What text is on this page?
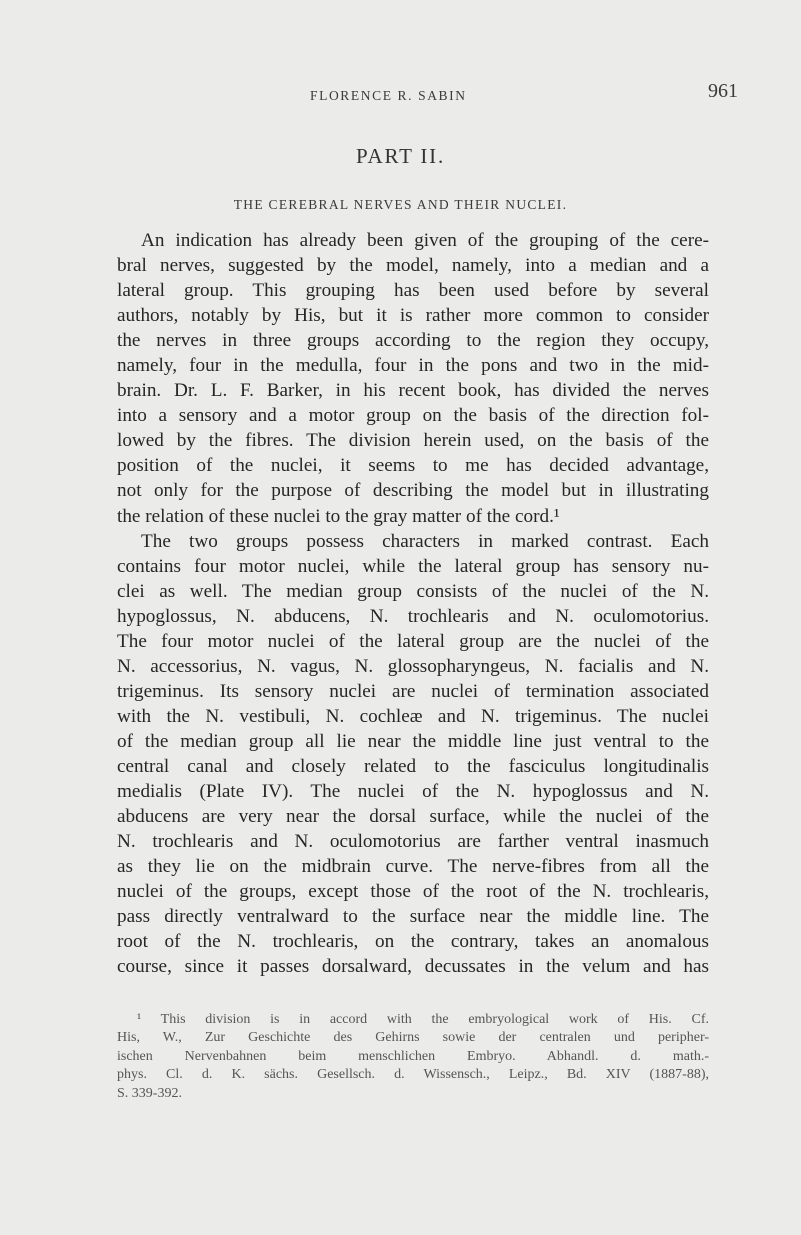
FLORENCE R. SABIN	961
PART II.
THE CEREBRAL NERVES AND THEIR NUCLEI.
An indication has already been given of the grouping of the cere-
bral nerves, suggested by the model, namely, into a median and a
lateral group. This grouping has been used before by several
authors, notably by His, but it is rather more common to consider
the nerves in three groups according to the region they occupy,
namely, four in the medulla, four in the pons and two in the mid-
brain. Dr. L. F. Barker, in his recent book, has divided the nerves
into a sensory and a motor group on the basis of the direction fol-
lowed by the fibres. The division herein used, on the basis of the
position of the nuclei, it seems to me has decided advantage,
not only for the purpose of describing the model but in illustrating
the relation of these nuclei to the gray matter of the cord.¹
The two groups possess characters in marked contrast. Each
contains four motor nuclei, while the lateral group has sensory nu-
clei as well. The median group consists of the nuclei of the N.
hypoglossus, N. abducens, N. trochlearis and N. oculomotorius.
The four motor nuclei of the lateral group are the nuclei of the
N. accessorius, N. vagus, N. glossopharyngeus, N. facialis and N.
trigeminus. Its sensory nuclei are nuclei of termination associated
with the N. vestibuli, N. cochleæ and N. trigeminus. The nuclei
of the median group all lie near the middle line just ventral to the
central canal and closely related to the fasciculus longitudinalis
medialis (Plate IV). The nuclei of the N. hypoglossus and N.
abducens are very near the dorsal surface, while the nuclei of the
N. trochlearis and N. oculomotorius are farther ventral inasmuch
as they lie on the midbrain curve. The nerve-fibres from all the
nuclei of the groups, except those of the root of the N. trochlearis,
pass directly ventralward to the surface near the middle line. The
root of the N. trochlearis, on the contrary, takes an anomalous
course, since it passes dorsalward, decussates in the velum and has
¹ This division is in accord with the embryological work of His. Cf.
His, W., Zur Geschichte des Gehirns sowie der centralen und peripher-
ischen Nervenbahnen beim menschlichen Embryo. Abhandl. d. math.-
phys. Cl. d. K. sächs. Gesellsch. d. Wissensch., Leipz., Bd. XIV (1887-88),
S. 339-392.
